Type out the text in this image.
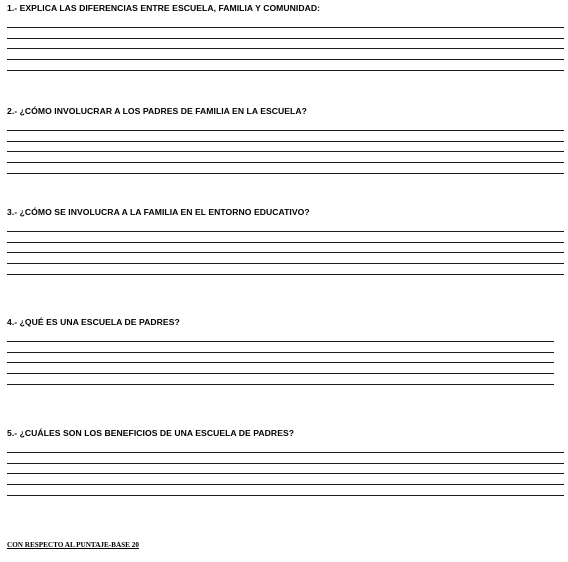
1.- EXPLICA LAS DIFERENCIAS ENTRE ESCUELA, FAMILIA Y COMUNIDAD:

2.- ¿CÓMO INVOLUCRAR A LOS PADRES DE FAMILIA EN LA ESCUELA?

3.- ¿CÓMO SE INVOLUCRA A LA FAMILIA EN EL ENTORNO EDUCATIVO?

4.- ¿QUÉ ES UNA ESCUELA DE PADRES?

5.- ¿CUÁLES SON LOS BENEFICIOS DE UNA ESCUELA DE PADRES?

CON RESPECTO AL PUNTAJE-BASE 20
